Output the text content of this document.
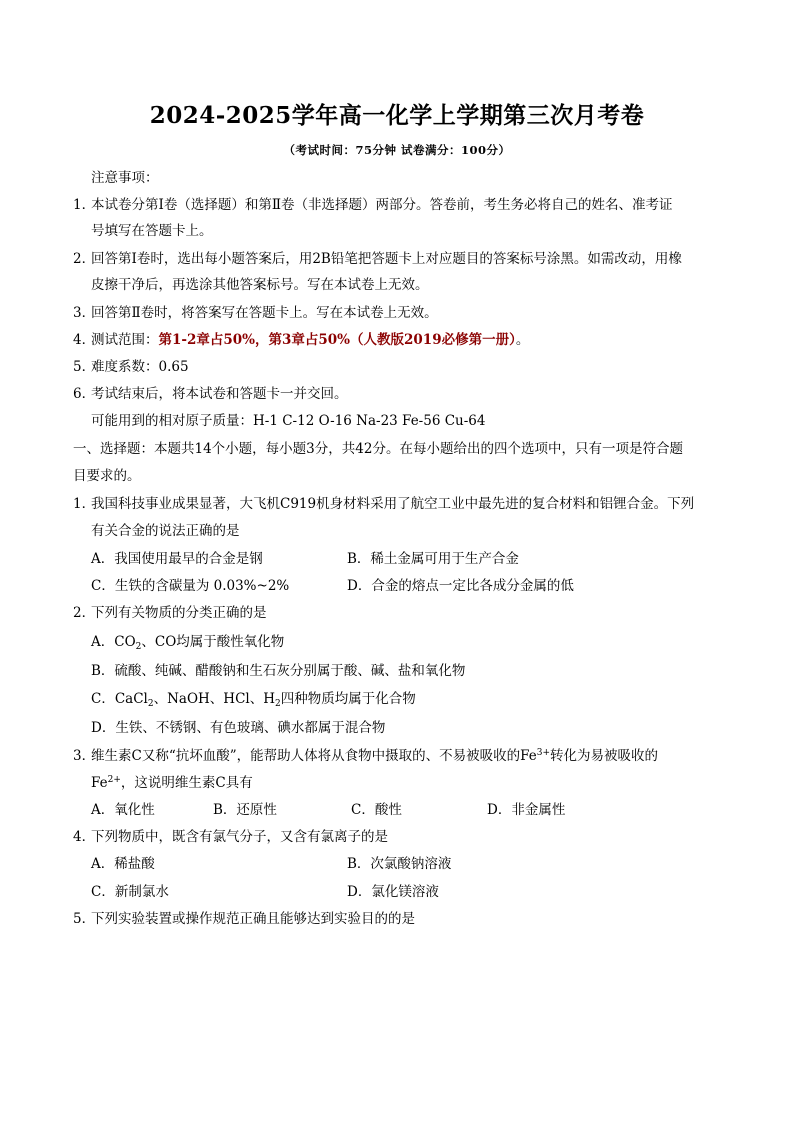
2024-2025学年高一化学上学期第三次月考卷
（考试时间：75分钟 试卷满分：100分）
注意事项：
1．
本试卷分第Ⅰ卷（选择题）和第Ⅱ卷（非选择题）两部分。答卷前，考生务必将自己的姓名、准考证
号填写在答题卡上。
2．
回答第Ⅰ卷时，选出每小题答案后，用2B铅笔把答题卡上对应题目的答案标号涂黑。如需改动，用橡
皮擦干净后，再选涂其他答案标号。写在本试卷上无效。
3．
回答第Ⅱ卷时，将答案写在答题卡上。写在本试卷上无效。
4．
测试范围：第1-2章占50%，第3章占50%（人教版2019必修第一册）。
5．
难度系数：0.65
6．
考试结束后，将本试卷和答题卡一并交回。
可能用到的相对原子质量：H-1 C-12 O-16 Na-23 Fe-56 Cu-64
一、选择题：本题共14个小题，每小题3分，共42分。在每小题给出的四个选项中，只有一项是符合题
目要求的。
1．
我国科技事业成果显著，大飞机C919机身材料采用了航空工业中最先进的复合材料和铝锂合金。下列
有关合金的说法正确的是
A．我国使用最早的合金是钢	B．稀土金属可用于生产合金
C．生铁的含碳量为 0.03%~2%	D．合金的熔点一定比各成分金属的低
2．
下列有关物质的分类正确的是
A．$CO_2$、CO均属于酸性氧化物
B．硫酸、纯碱、醋酸钠和生石灰分别属于酸、碱、盐和氧化物
C．CaCl$_2$、NaOH、HCl、$H_2$四种物质均属于化合物
D．生铁、不锈钢、有色玻璃、碘水都属于混合物
3．
维生素C又称“抗坏血酸”，能帮助人体将从食物中摄取的、不易被吸收的$Fe^{3+}$转化为易被吸收的
$Fe^{2+}$，这说明维生素C具有
A．氧化性	B．还原性	C．酸性	D．非金属性
4．
下列物质中，既含有氯气分子，又含有氯离子的是
A．稀盐酸	B．次氯酸钠溶液
C．新制氯水	D．氯化镁溶液
5．
下列实验装置或操作规范正确且能够达到实验目的的是
